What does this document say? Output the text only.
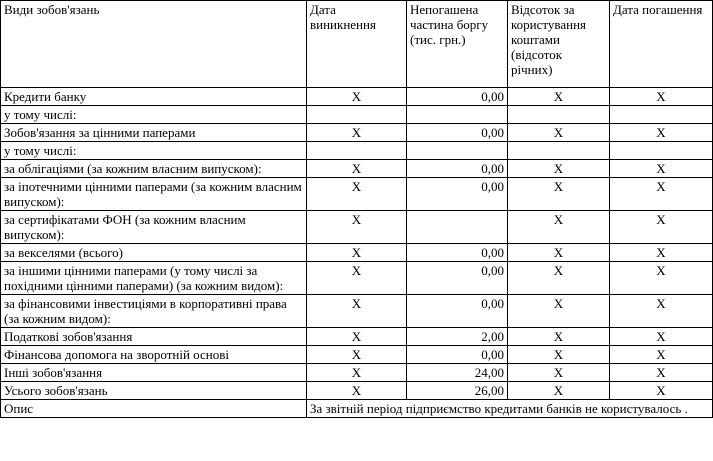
Види зобов'язань	Дата виникнення	Непогашена частина боргу (тис. грн.)	Відсоток за користування коштами (відсоток річних)	Дата погашення
Кредити банку	X	0,00	X	X
у тому числі:				
Зобов'язання за цінними паперами	X	0,00	X	X
у тому числі:				
за облігаціями (за кожним власним випуском):	X	0,00	X	X
за іпотечними цінними паперами (за кожним власним випуском):	X	0,00	X	X
за сертифікатами ФОН (за кожним власним випуском):	X		X	X
за векселями (всього)	X	0,00	X	X
за іншими цінними паперами (у тому числі за похідними цінними паперами) (за кожним видом):	X	0,00	X	X
за фінансовими інвестиціями в корпоративні права (за кожним видом):	X	0,00	X	X
Податкові зобов'язання	X	2,00	X	X
Фінансова допомога на зворотній основі	X	0,00	X	X
Інші зобов'язання	X	24,00	X	X
Усього зобов'язань	X	26,00	X	X
Опис	За звітній період підприємство кредитами банків не користувалось .			
